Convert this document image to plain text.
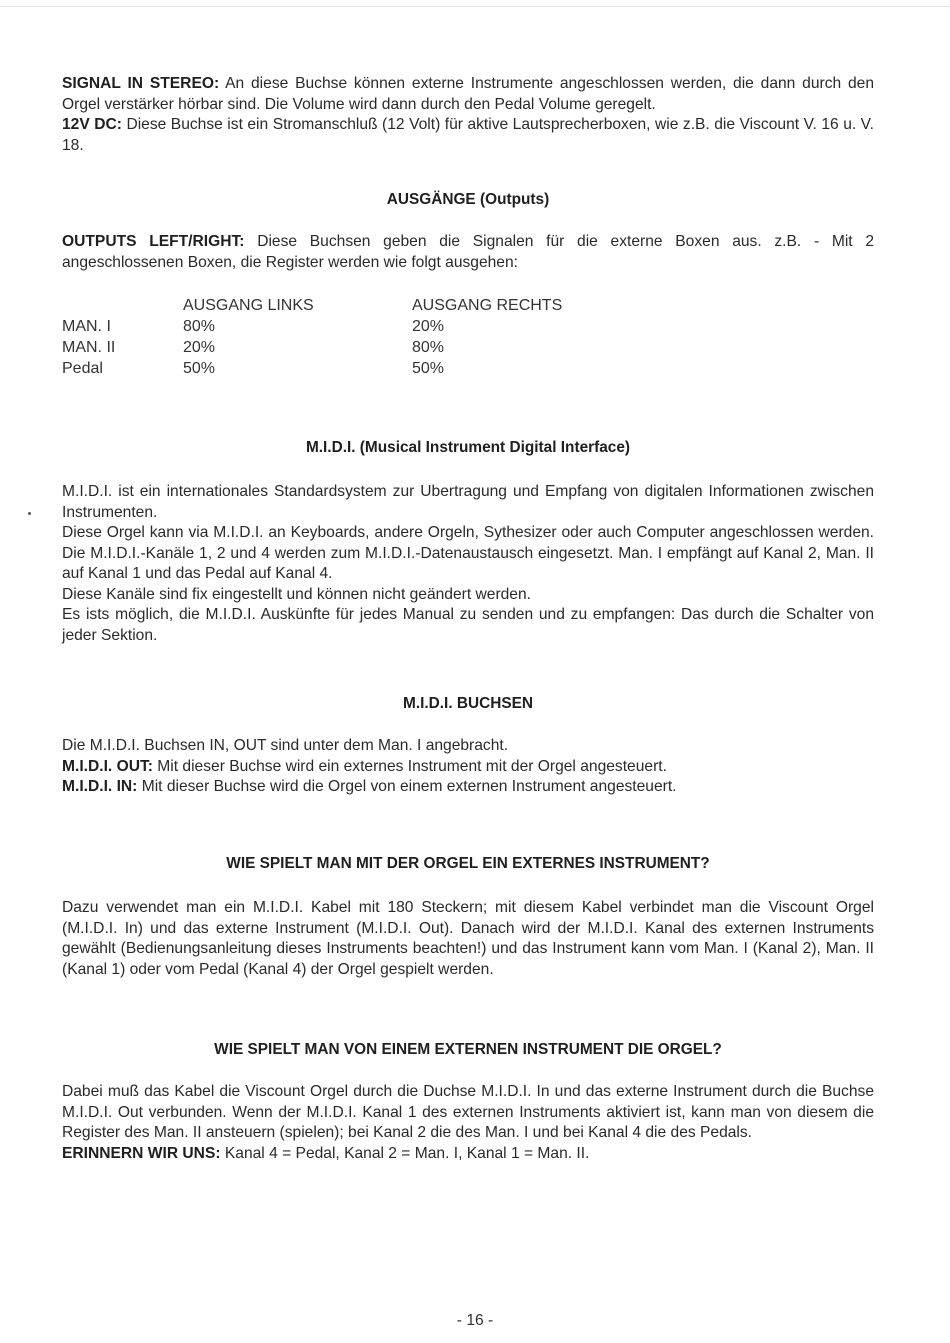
SIGNAL IN STEREO: An diese Buchse können externe Instrumente angeschlossen werden, die dann durch den Orgel verstärker hörbar sind. Die Volume wird dann durch den Pedal Volume geregelt.
12V DC: Diese Buchse ist ein Stromanschluß (12 Volt) für aktive Lautsprecherboxen, wie z.B. die Viscount V. 16 u. V. 18.

AUSGÄNGE (Outputs)

OUTPUTS LEFT/RIGHT: Diese Buchsen geben die Signalen für die externe Boxen aus. z.B. - Mit 2 angeschlossenen Boxen, die Register werden wie folgt ausgehen:

	AUSGANG LINKS	AUSGANG RECHTS
MAN. I	80%	20%
MAN. II	20%	80%
Pedal	50%	50%
M.I.D.I. (Musical Instrument Digital Interface)

M.I.D.I. ist ein internationales Standardsystem zur Ubertragung und Empfang von digitalen Informationen zwischen Instrumenten.

Diese Orgel kann via M.I.D.I. an Keyboards, andere Orgeln, Sythesizer oder auch Computer angeschlossen werden. Die M.I.D.I.-Kanäle 1, 2 und 4 werden zum M.I.D.I.-Datenaustausch eingesetzt. Man. I empfängt auf Kanal 2, Man. II auf Kanal 1 und das Pedal auf Kanal 4.

Diese Kanäle sind fix eingestellt und können nicht geändert werden.

Es ists möglich, die M.I.D.I. Auskünfte für jedes Manual zu senden und zu empfangen: Das durch die Schalter von jeder Sektion.

M.I.D.I. BUCHSEN

Die M.I.D.I. Buchsen IN, OUT sind unter dem Man. I angebracht.

M.I.D.I. OUT: Mit dieser Buchse wird ein externes Instrument mit der Orgel angesteuert.

M.I.D.I. IN: Mit dieser Buchse wird die Orgel von einem externen Instrument angesteuert.

WIE SPIELT MAN MIT DER ORGEL EIN EXTERNES INSTRUMENT?

Dazu verwendet man ein M.I.D.I. Kabel mit 180 Steckern; mit diesem Kabel verbindet man die Viscount Orgel (M.I.D.I. In) und das externe Instrument (M.I.D.I. Out). Danach wird der M.I.D.I. Kanal des externen Instruments gewählt (Bedienungsanleitung dieses Instruments beachten!) und das Instrument kann vom Man. I (Kanal 2), Man. II (Kanal 1) oder vom Pedal (Kanal 4) der Orgel gespielt werden.

WIE SPIELT MAN VON EINEM EXTERNEN INSTRUMENT DIE ORGEL?

Dabei muß das Kabel die Viscount Orgel durch die Duchse M.I.D.I. In und das externe Instrument durch die Buchse M.I.D.I. Out verbunden. Wenn der M.I.D.I. Kanal 1 des externen Instruments aktiviert ist, kann man von diesem die Register des Man. II ansteuern (spielen); bei Kanal 2 die des Man. I und bei Kanal 4 die des Pedals.

ERINNERN WIR UNS: Kanal 4 = Pedal, Kanal 2 = Man. I, Kanal 1 = Man. II.

- 16 -
